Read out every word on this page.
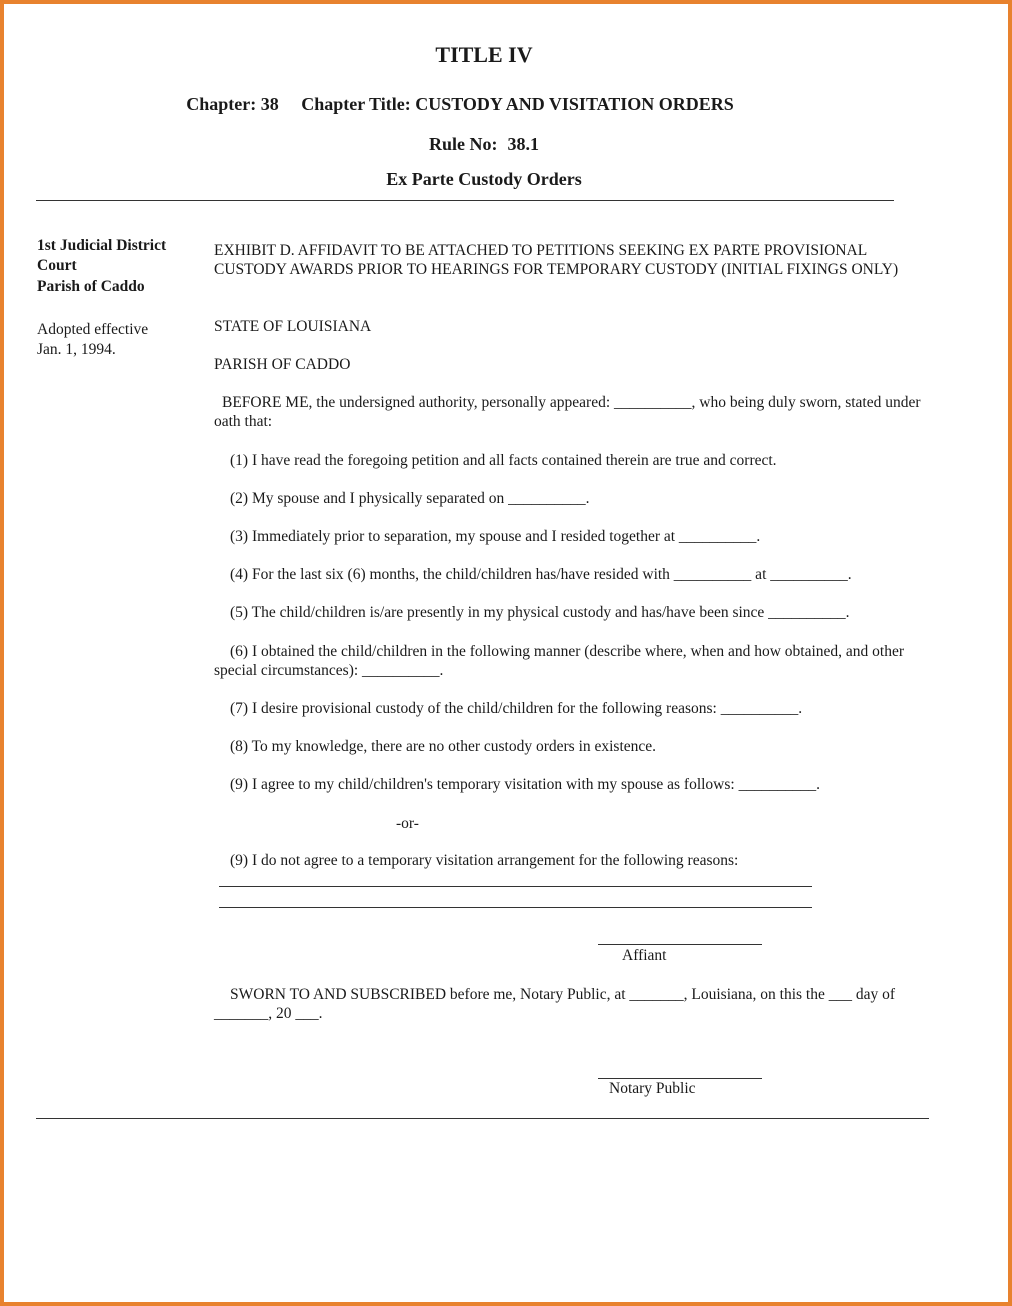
TITLE IV
Chapter: 38 Chapter Title: CUSTODY AND VISITATION ORDERS
Rule No: 38.1
Ex Parte Custody Orders
1st Judicial District Court
Parish of Caddo
Adopted effective
Jan. 1, 1994.
EXHIBIT D. AFFIDAVIT TO BE ATTACHED TO PETITIONS SEEKING EX PARTE PROVISIONAL CUSTODY AWARDS PRIOR TO HEARINGS FOR TEMPORARY CUSTODY (INITIAL FIXINGS ONLY)
STATE OF LOUISIANA
PARISH OF CADDO
BEFORE ME, the undersigned authority, personally appeared: __________, who being duly sworn, stated under oath that:
(1) I have read the foregoing petition and all facts contained therein are true and correct.
(2) My spouse and I physically separated on __________.
(3) Immediately prior to separation, my spouse and I resided together at __________.
(4) For the last six (6) months, the child/children has/have resided with __________ at __________.
(5) The child/children is/are presently in my physical custody and has/have been since __________.
(6) I obtained the child/children in the following manner (describe where, when and how obtained, and other special circumstances): __________.
(7) I desire provisional custody of the child/children for the following reasons: __________.
(8) To my knowledge, there are no other custody orders in existence.
(9) I agree to my child/children's temporary visitation with my spouse as follows: __________.
-or-
(9) I do not agree to a temporary visitation arrangement for the following reasons:
Affiant
SWORN TO AND SUBSCRIBED before me, Notary Public, at _______, Louisiana, on this the ___ day of _______, 20 ___.
Notary Public
